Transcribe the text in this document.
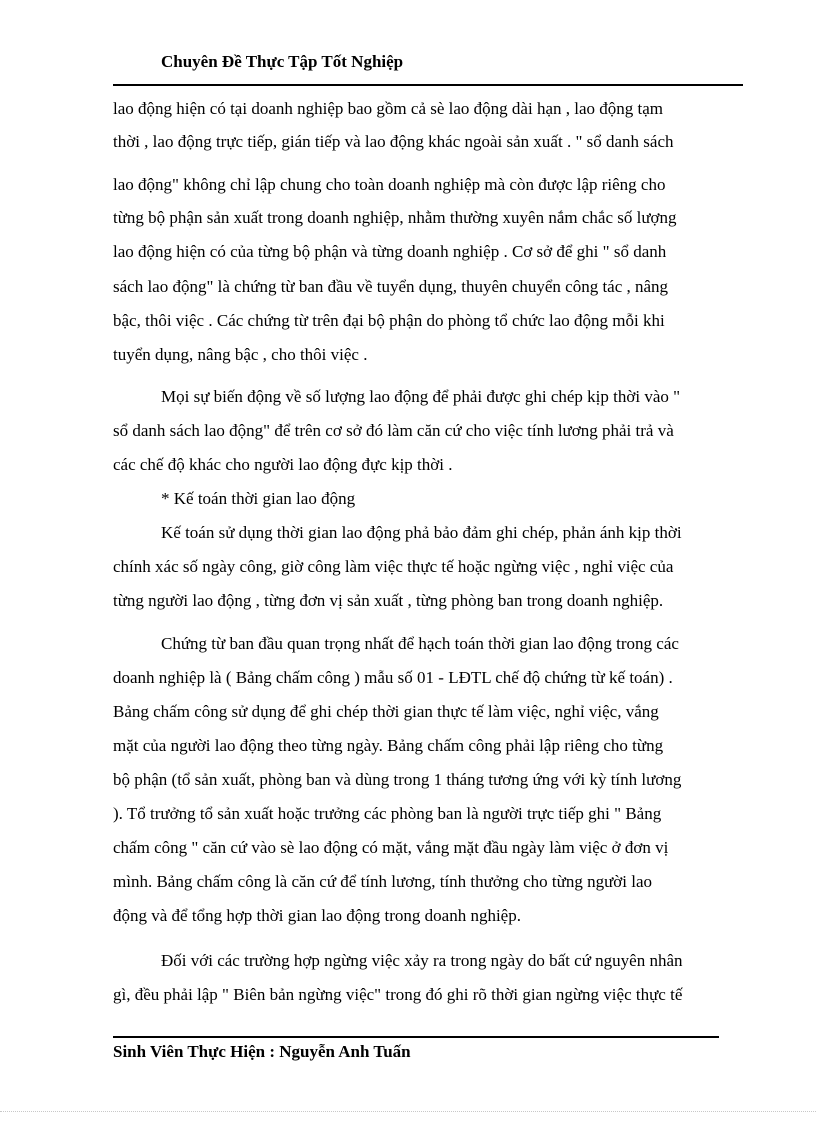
Chuyên Đề Thực Tập Tốt Nghiệp
lao động hiện có tại doanh nghiệp bao gồm cả sè lao động dài hạn , lao động tạm
thời , lao động trực tiếp, gián tiếp và lao động khác ngoài sản xuất . " sổ danh sách
lao động" không chỉ lập chung cho toàn doanh nghiệp mà còn được lập riêng cho
từng bộ phận sản xuất trong doanh nghiệp, nhằm thường xuyên nắm chắc số lượng
lao động hiện có của từng bộ phận và từng doanh nghiệp . Cơ sở để ghi " sổ danh
sách lao động" là chứng từ ban đầu về tuyển dụng, thuyên chuyển công tác , nâng
bậc, thôi việc . Các chứng từ trên đại bộ phận do phòng tổ chức lao động mỗi khi
tuyển dụng, nâng bậc , cho thôi việc .
Mọi sự biến động về số lượng lao động để phải được ghi chép kịp thời vào "
sổ danh sách lao động" để trên cơ sở đó làm căn cứ cho việc tính lương phải trả và
các chế độ khác cho người lao động đực kịp thời .
* Kế toán thời gian lao động
Kế toán sử dụng thời gian lao động phả bảo đảm ghi chép, phản ánh kịp thời
chính xác số ngày công, giờ công làm việc thực tế hoặc ngừng việc , nghỉ việc của
từng người lao động , từng đơn vị sản xuất , từng phòng ban trong doanh nghiệp.
Chứng từ ban đầu quan trọng nhất để hạch toán thời gian lao động trong các
doanh nghiệp là ( Bảng chấm công ) mẫu số 01 - LĐTL chế độ chứng từ kế toán) .
Bảng chấm công sử dụng để ghi chép thời gian thực tế làm việc, nghỉ việc, vắng
mặt của người lao động theo từng ngày. Bảng chấm công phải lập riêng cho từng
bộ phận (tổ sản xuất, phòng ban và dùng trong 1 tháng tương ứng với kỳ tính lương
). Tổ trưởng tổ sản xuất hoặc trưởng các phòng ban là người trực tiếp ghi " Bảng
chấm công " căn cứ vào sè lao động có mặt, vắng mặt đầu ngày làm việc ở đơn vị
mình. Bảng chấm công là căn cứ để tính lương, tính thưởng cho từng người lao
động và để tổng hợp thời gian lao động trong doanh nghiệp.
Đối với các trường hợp ngừng việc xảy ra trong ngày do bất cứ nguyên nhân
gì, đều phải lập " Biên bản ngừng việc" trong đó ghi rõ thời gian ngừng việc thực tế
Sinh Viên Thực Hiện : Nguyễn Anh Tuấn
